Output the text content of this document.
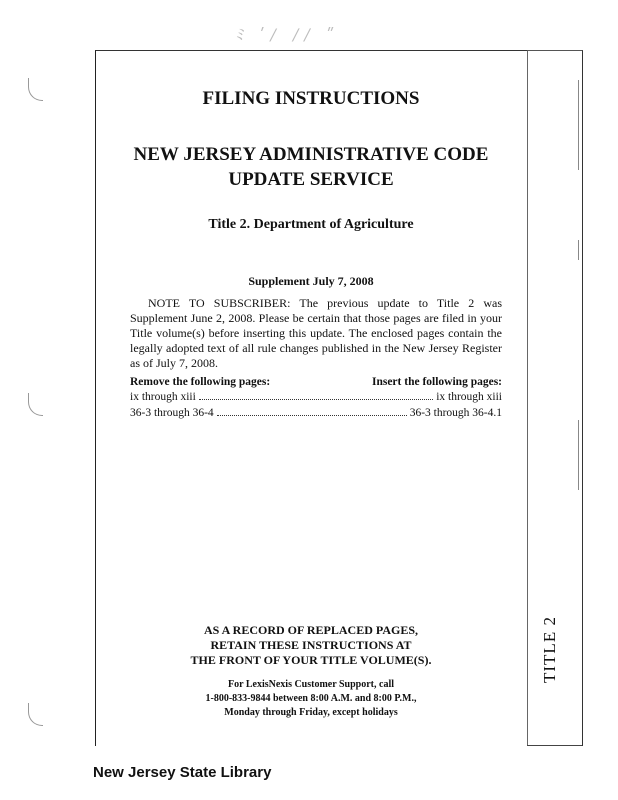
ﾐ ʹ/ ∕∕ ʺ
TITLE 2
FILING INSTRUCTIONS
NEW JERSEY ADMINISTRATIVE CODE
UPDATE SERVICE

Title 2. Department of Agriculture

Supplement July 7, 2008

NOTE TO SUBSCRIBER: The previous update to Title 2 was Supplement June 2, 2008. Please be certain that those pages are filed in your Title volume(s) before inserting this update. The enclosed pages contain the legally adopted text of all rule changes published in the New Jersey Register as of July 7, 2008.

Remove the following pages:	Insert the following pages:
ix through xiii	ix through xiii
36-3 through 36-4	36-3 through 36-4.1

AS A RECORD OF REPLACED PAGES,
RETAIN THESE INSTRUCTIONS AT
THE FRONT OF YOUR TITLE VOLUME(S).

For LexisNexis Customer Support, call
1-800-833-9844 between 8:00 A.M. and 8:00 P.M.,
Monday through Friday, except holidays

New Jersey State Library
